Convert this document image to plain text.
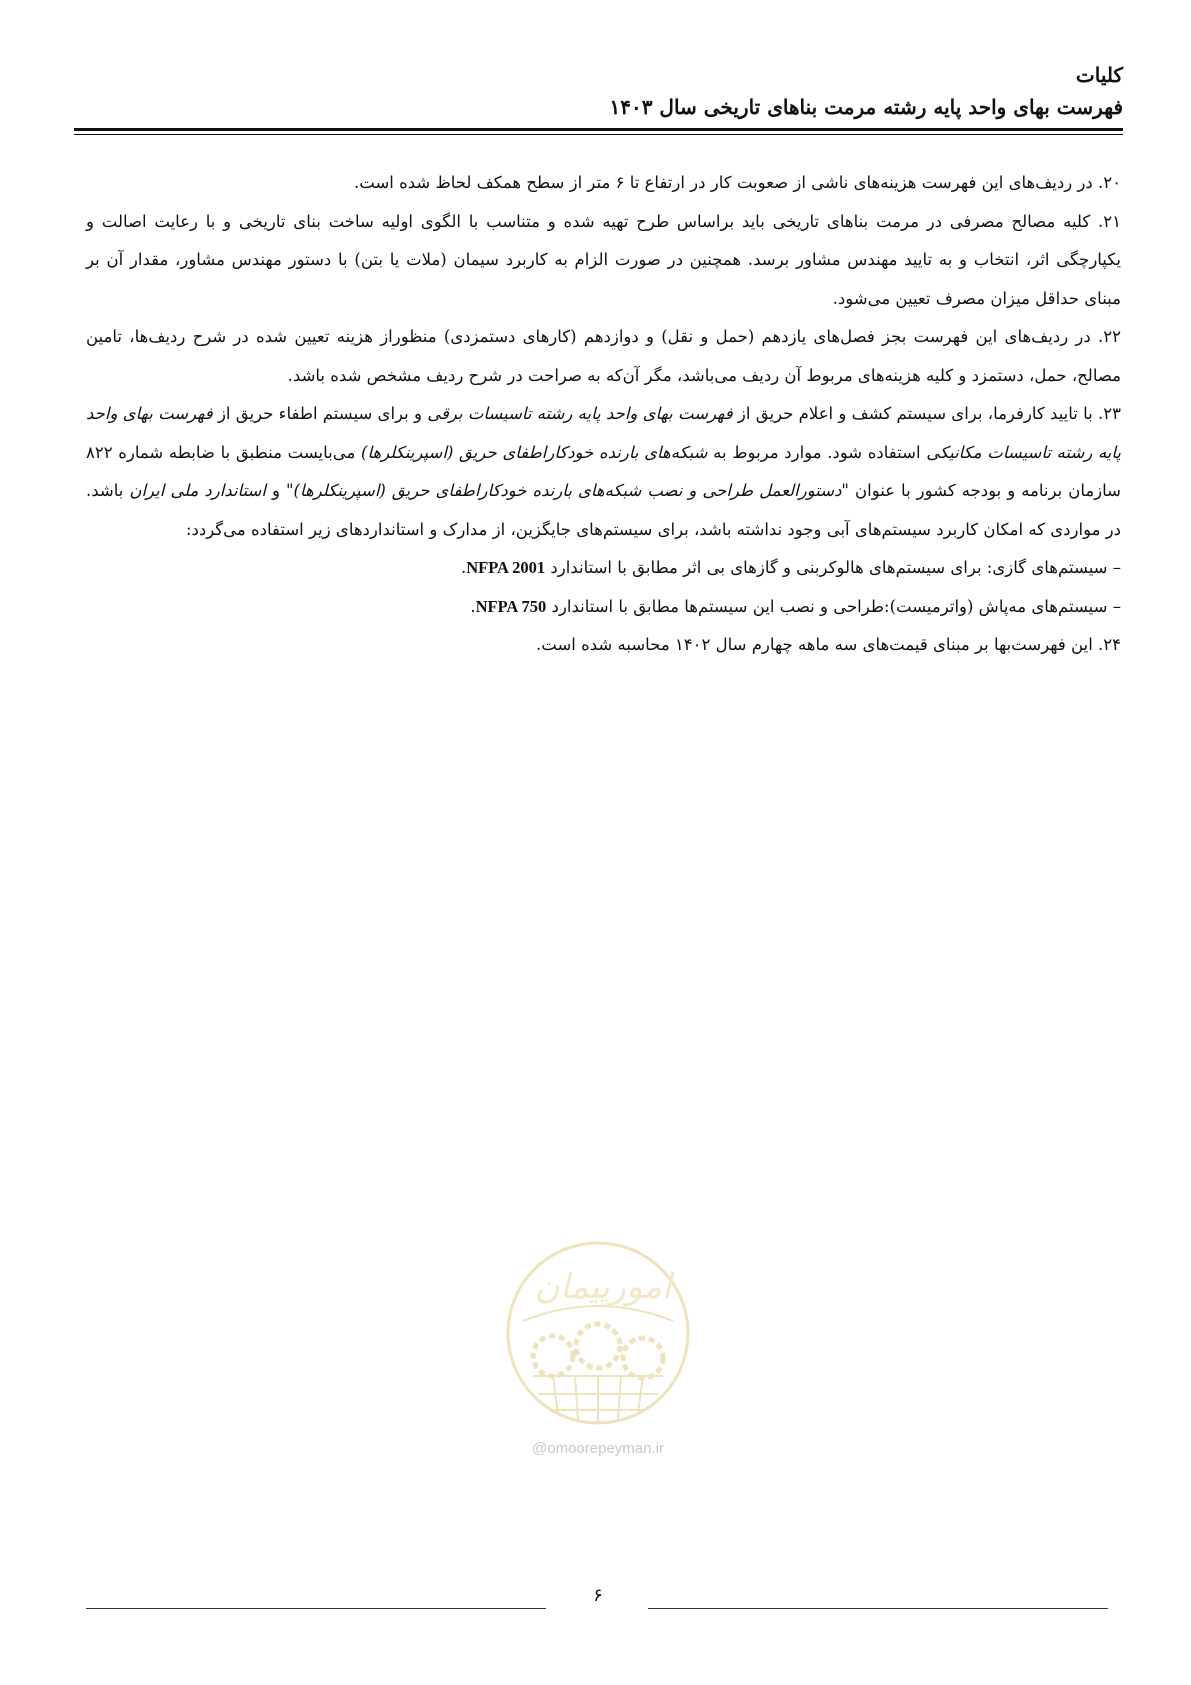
کلیات
فهرست بهای واحد پایه رشته مرمت بناهای تاریخی سال ۱۴۰۳

۲۰. در ردیف‌های این فهرست هزینه‌های ناشی از صعوبت کار در ارتفاع تا ۶ متر از سطح همکف لحاظ شده است.

۲۱. کلیه مصالح مصرفی در مرمت بناهای تاریخی باید براساس طرح تهیه شده و متناسب با الگوی اولیه ساخت بنای تاریخی و با رعایت اصالت و یکپارچگی اثر، انتخاب و به تایید مهندس مشاور برسد. همچنین در صورت الزام به کاربرد سیمان (ملات یا بتن) با دستور مهندس مشاور، مقدار آن بر مبنای حداقل میزان مصرف تعیین می‌شود.

۲۲. در ردیف‌های این فهرست بجز فصل‌های یازدهم (حمل و نقل) و دوازدهم (کارهای دستمزدی) منظوراز هزینه تعیین شده در شرح ردیف‌ها، تامین مصالح، حمل، دستمزد و کلیه هزینه‌های مربوط آن ردیف می‌باشد، مگر آن‌که به صراحت در شرح ردیف مشخص شده باشد.

۲۳. با تایید کارفرما، برای سیستم کشف و اعلام حریق از فهرست بهای واحد پایه رشته تاسیسات برقی و برای سیستم اطفاء حریق از فهرست بهای واحد پایه رشته تاسیسات مکانیکی استفاده شود. موارد مربوط به شبکه‌های بارنده خودکاراطفای حریق (اسپرینکلرها) می‌بایست منطبق با ضابطه شماره ۸۲۲ سازمان برنامه و بودجه کشور با عنوان "دستورالعمل طراحی و نصب شبکه‌های بارنده خودکاراطفای حریق (اسپرینکلرها)" و استاندارد ملی ایران باشد. در مواردی که امکان کاربرد سیستم‌های آبی وجود نداشته باشد، برای سیستم‌های جایگزین، از مدارک و استانداردهای زیر استفاده می‌گردد:

– سیستم‌های گازی: برای سیستم‌های هالوکربنی و گازهای بی اثر مطابق با استاندارد NFPA 2001.

– سیستم‌های مه‌پاش (واترمیست):طراحی و نصب این سیستم‌ها مطابق با استاندارد NFPA 750.

۲۴. این فهرست‌بها بر مبنای قیمت‌های سه ماهه چهارم سال ۱۴۰۲ محاسبه شده است.

امورپیمان
@omoorepeyman.ir
۶
